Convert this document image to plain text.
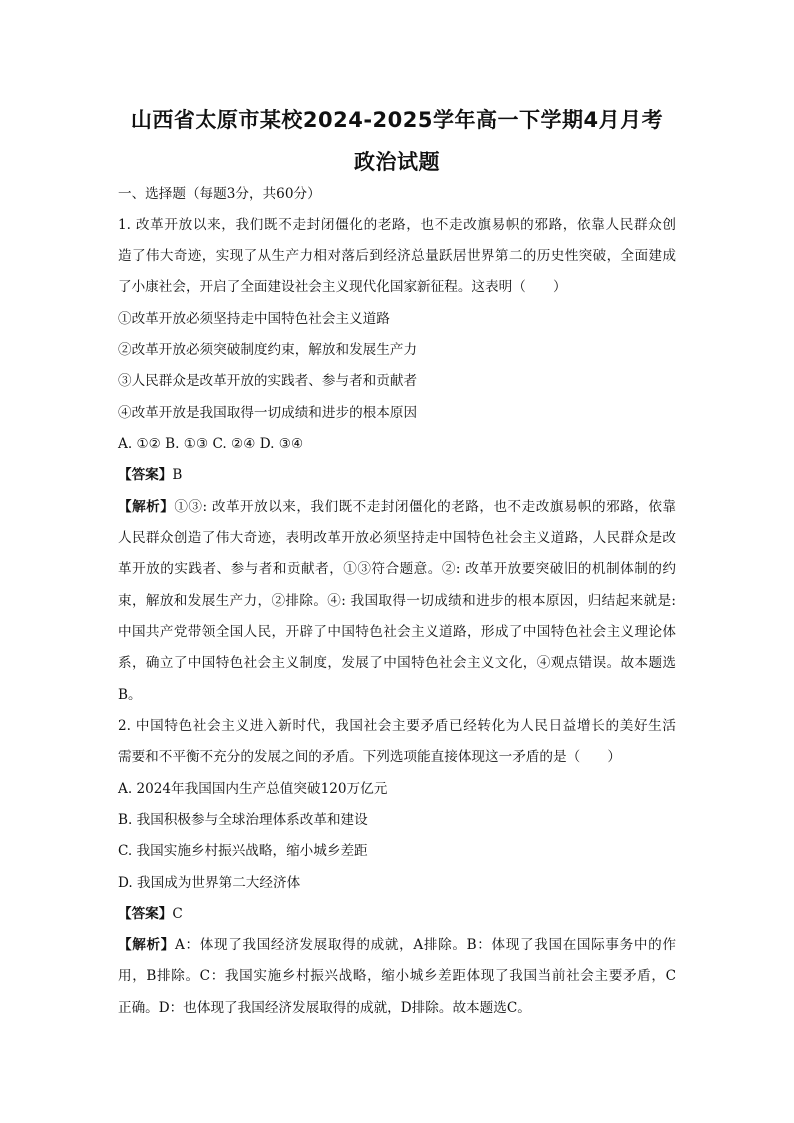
山西省太原市某校2024-2025学年高一下学期4月月考
政治试题
一、选择题（每题3分，共60分）
1. 改革开放以来，我们既不走封闭僵化的老路，也不走改旗易帜的邪路，依靠人民群众创
造了伟大奇迹，实现了从生产力相对落后到经济总量跃居世界第二的历史性突破，全面建成
了小康社会，开启了全面建设社会主义现代化国家新征程。这表明（　　）
①改革开放必须坚持走中国特色社会主义道路
②改革开放必须突破制度约束，解放和发展生产力
③人民群众是改革开放的实践者、参与者和贡献者
④改革开放是我国取得一切成绩和进步的根本原因
A. ①② B. ①③ C. ②④ D. ③④
【答案】B
【解析】①③: 改革开放以来，我们既不走封闭僵化的老路，也不走改旗易帜的邪路，依靠
人民群众创造了伟大奇迹，表明改革开放必须坚持走中国特色社会主义道路，人民群众是改
革开放的实践者、参与者和贡献者，①③符合题意。②: 改革开放要突破旧的机制体制的约
束，解放和发展生产力，②排除。④: 我国取得一切成绩和进步的根本原因，归结起来就是:
中国共产党带领全国人民，开辟了中国特色社会主义道路，形成了中国特色社会主义理论体
系，确立了中国特色社会主义制度，发展了中国特色社会主义文化，④观点错误。故本题选
B。
2. 中国特色社会主义进入新时代，我国社会主要矛盾已经转化为人民日益增长的美好生活
需要和不平衡不充分的发展之间的矛盾。下列选项能直接体现这一矛盾的是（　　）
A. 2024年我国国内生产总值突破120万亿元
B. 我国积极参与全球治理体系改革和建设
C. 我国实施乡村振兴战略，缩小城乡差距
D. 我国成为世界第二大经济体
【答案】C
【解析】A：体现了我国经济发展取得的成就，A排除。B：体现了我国在国际事务中的作
用，B排除。C：我国实施乡村振兴战略，缩小城乡差距体现了我国当前社会主要矛盾，C
正确。D：也体现了我国经济发展取得的成就，D排除。故本题选C。
